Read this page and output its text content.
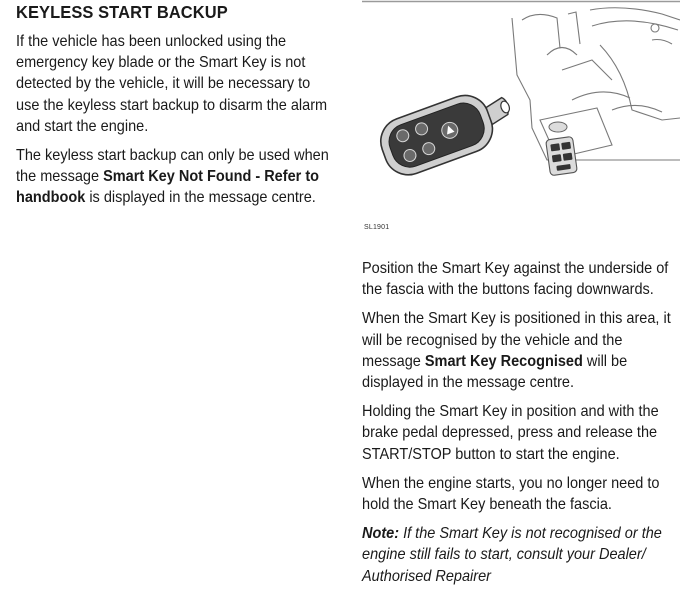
KEYLESS START BACKUP

If the vehicle has been unlocked using the emergency key blade or the Smart Key is not detected by the vehicle, it will be necessary to use the keyless start backup to disarm the alarm and start the engine.

The keyless start backup can only be used when the message Smart Key Not Found - Refer to handbook is displayed in the message centre.

SL1901

Position the Smart Key against the underside of the fascia with the buttons facing downwards.

When the Smart Key is positioned in this area, it will be recognised by the vehicle and the message Smart Key Recognised will be displayed in the message centre.

Holding the Smart Key in position and with the brake pedal depressed, press and release the START/STOP button to start the engine.

When the engine starts, you no longer need to hold the Smart Key beneath the fascia.

Note: If the Smart Key is not recognised or the engine still fails to start, consult your Dealer/ Authorised Repairer
